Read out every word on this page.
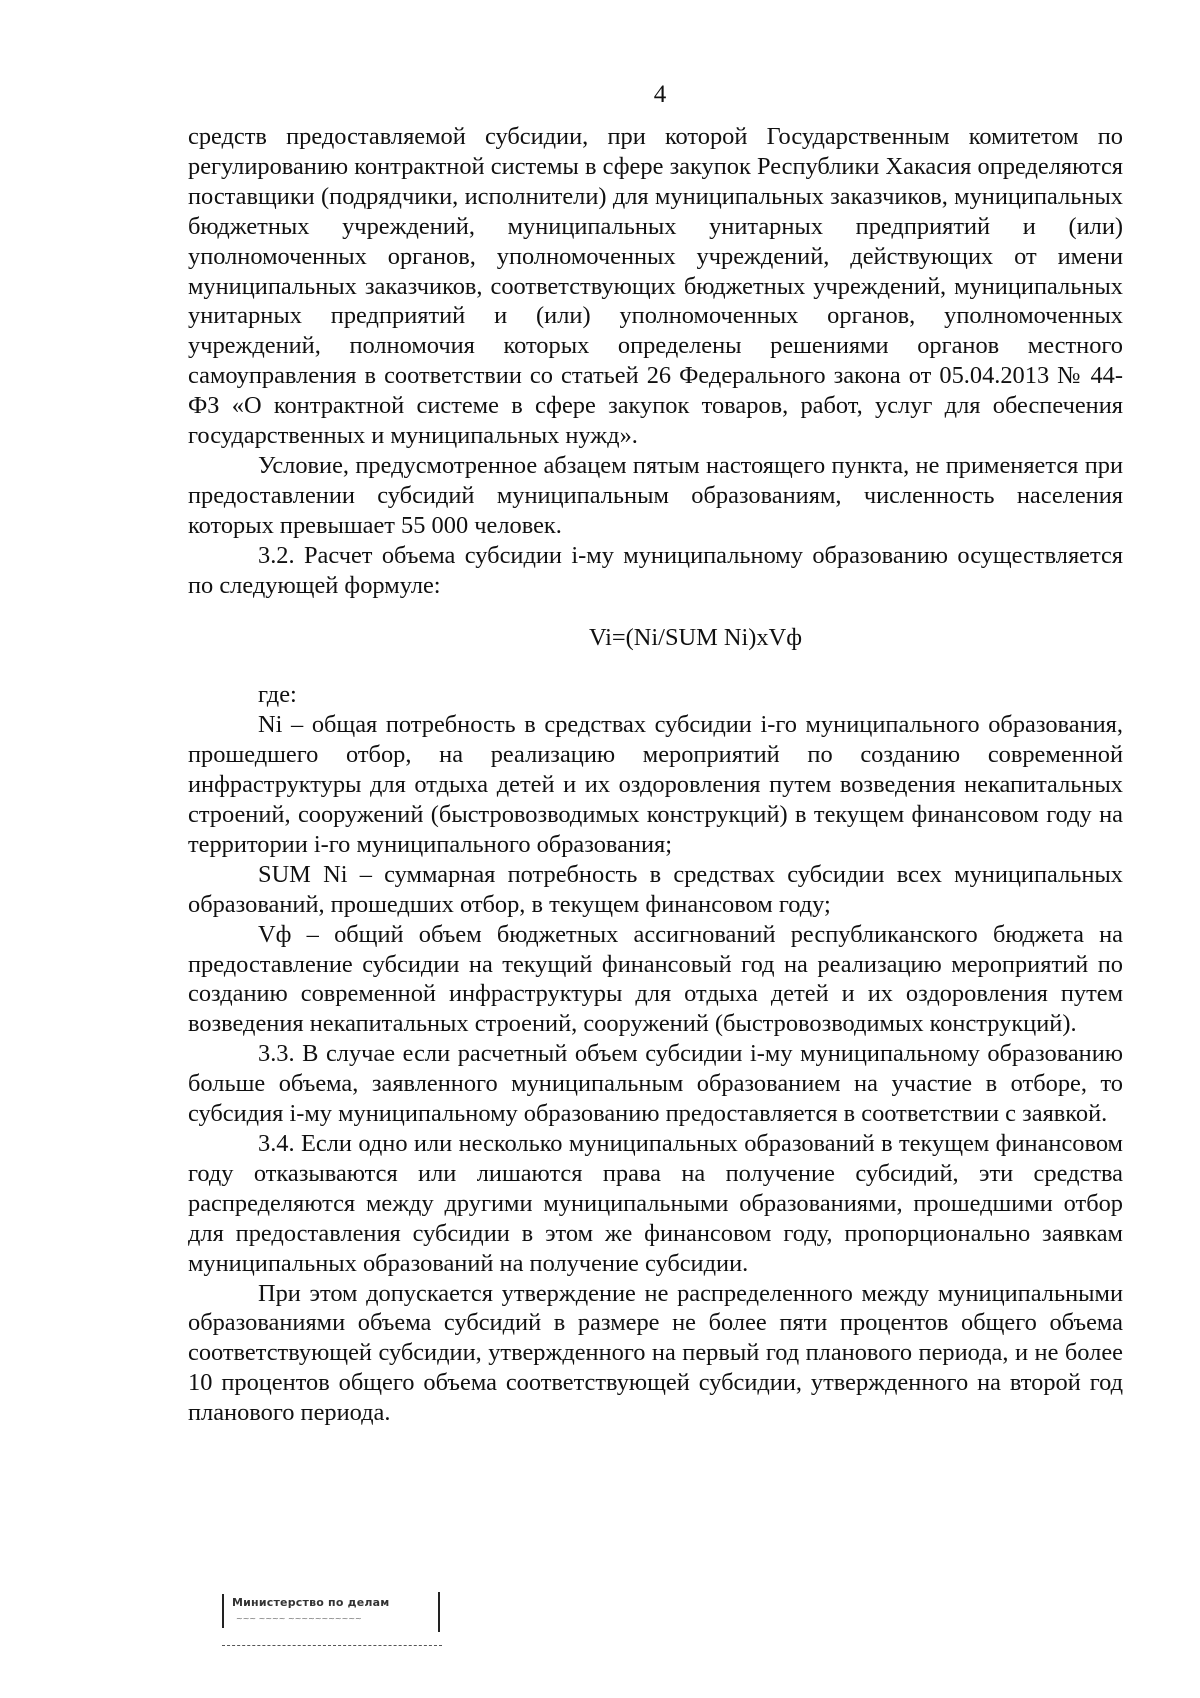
4

средств предоставляемой субсидии, при которой Государственным комитетом по регулированию контрактной системы в сфере закупок Республики Хакасия определяются поставщики (подрядчики, исполнители) для муниципальных заказчиков, муниципальных бюджетных учреждений, муниципальных унитарных предприятий и (или) уполномоченных органов, уполномоченных учреждений, действующих от имени муниципальных заказчиков, соответствующих бюджетных учреждений, муниципальных унитарных предприятий и (или) уполномоченных органов, уполномоченных учреждений, полномочия которых определены решениями органов местного самоуправления в соответствии со статьей 26 Федерального закона от 05.04.2013 № 44-ФЗ «О контрактной системе в сфере закупок товаров, работ, услуг для обеспечения государственных и муниципальных нужд».

Условие, предусмотренное абзацем пятым настоящего пункта, не применяется при предоставлении субсидий муниципальным образованиям, численность населения которых превышает 55 000 человек.

3.2. Расчет объема субсидии i-му муниципальному образованию осуществляется по следующей формуле:

Vi=(Ni/SUM Ni)xVф

где:

Ni – общая потребность в средствах субсидии i-го муниципального образования, прошедшего отбор, на реализацию мероприятий по созданию современной инфраструктуры для отдыха детей и их оздоровления путем возведения некапитальных строений, сооружений (быстровозводимых конструкций) в текущем финансовом году на территории i-го муниципального образования;

SUM Ni – суммарная потребность в средствах субсидии всех муниципальных образований, прошедших отбор, в текущем финансовом году;

Vф – общий объем бюджетных ассигнований республиканского бюджета на предоставление субсидии на текущий финансовый год на реализацию мероприятий по созданию современной инфраструктуры для отдыха детей и их оздоровления путем возведения некапитальных строений, сооружений (быстровозводимых конструкций).

3.3. В случае если расчетный объем субсидии i-му муниципальному образованию больше объема, заявленного муниципальным образованием на участие в отборе, то субсидия i-му муниципальному образованию предоставляется в соответствии с заявкой.

3.4. Если одно или несколько муниципальных образований в текущем финансовом году отказываются или лишаются права на получение субсидий, эти средства распределяются между другими муниципальными образованиями, прошедшими отбор для предоставления субсидии в этом же финансовом году, пропорционально заявкам муниципальных образований на получение субсидии.

При этом допускается утверждение не распределенного между муниципальными образованиями объема субсидий в размере не более пяти процентов общего объема соответствующей субсидии, утвержденного на первый год планового периода, и не более 10 процентов общего объема соответствующей субсидии, утвержденного на второй год планового периода.

Министерство по делам
~~~ ~~~~ ~~~~~~~~~~~
